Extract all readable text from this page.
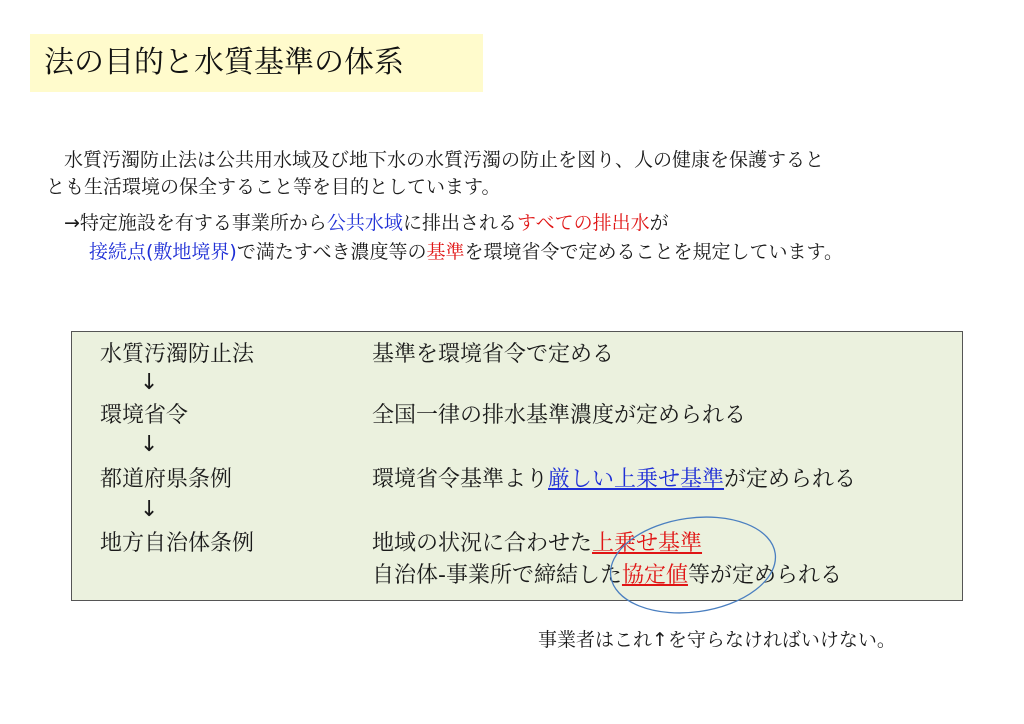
法の目的と水質基準の体系
水質汚濁防止法は公共用水域及び地下水の水質汚濁の防止を図り、人の健康を保護すると
とも生活環境の保全すること等を目的としています。
→特定施設を有する事業所から公共水域に排出されるすべての排出水が
接続点(敷地境界)で満たすべき濃度等の基準を環境省令で定めることを規定しています。
水質汚濁防止法	基準を環境省令で定める
↓
環境省令	全国一律の排水基準濃度が定められる
↓
都道府県条例	環境省令基準より厳しい上乗せ基準が定められる
↓
地方自治体条例	地域の状況に合わせた上乗せ基準
自治体-事業所で締結した協定値等が定められる
事業者はこれ↑を守らなければいけない。
